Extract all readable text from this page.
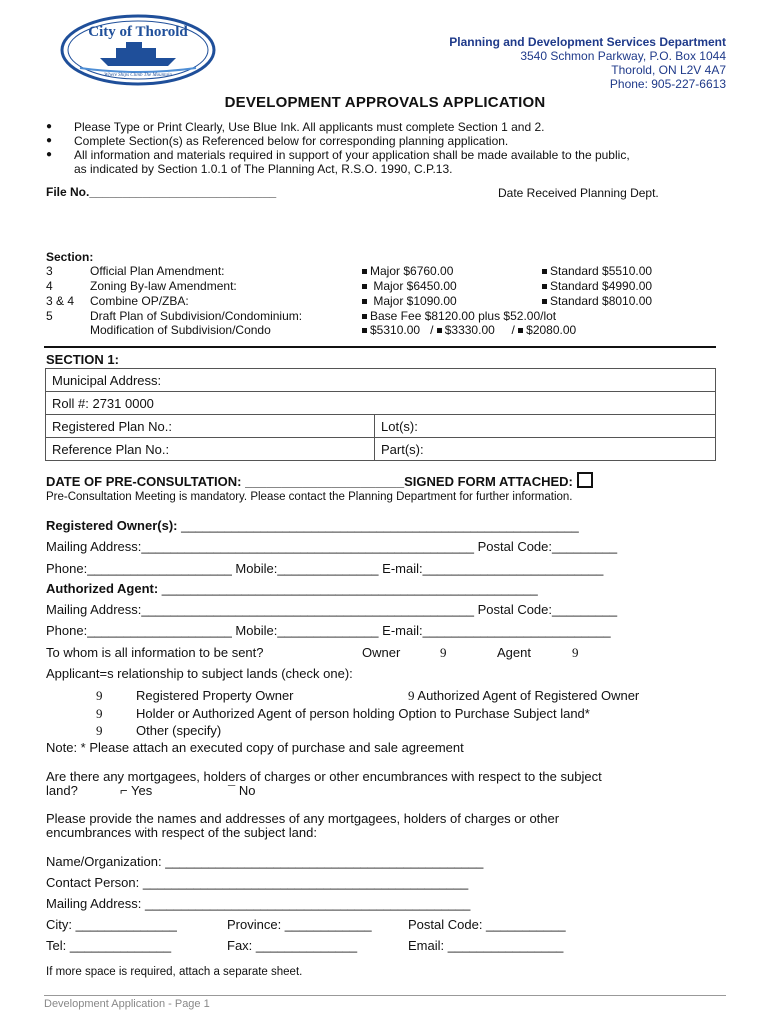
City of Thorold
Where Ships Climb The Mountain
Planning and Development Services Department
3540 Schmon Parkway, P.O. Box 1044
Thorold, ON L2V 4A7
Phone: 905-227-6613
DEVELOPMENT APPROVALS APPLICATION
● Please Type or Print Clearly, Use Blue Ink. All applicants must complete Section 1 and 2.
● Complete Section(s) as Referenced below for corresponding planning application.
● All information and materials required in support of your application shall be made available to the public,
as indicated by Section 1.0.1 of The Planning Act, R.S.O. 1990, C.P.13.
File No.____________________________	Date Received Planning Dept.
Section:
3	Official Plan Amendment:	Major $6760.00	Standard $5510.00
4	Zoning By-law Amendment:	Major $6450.00	Standard $4990.00
3 & 4 Combine OP/ZBA:	Major $1090.00	Standard $8010.00
5	Draft Plan of Subdivision/Condominium:	Base Fee $8120.00 plus $52.00/lot
Modification of Subdivision/Condo	$5310.00   / $3330.00     / $2080.00
SECTION 1:
Municipal Address:	
Roll #: 2731 0000	
Registered Plan No.:	Lot(s):
Reference Plan No.:	Part(s):
DATE OF PRE-CONSULTATION: ______________________SIGNED FORM ATTACHED:
Pre-Consultation Meeting is mandatory. Please contact the Planning Department for further information.
Registered Owner(s): _______________________________________________________
Mailing Address:______________________________________________ Postal Code:_________
Phone:____________________ Mobile:______________ E-mail:_________________________
Authorized Agent: ____________________________________________________
Mailing Address:______________________________________________ Postal Code:_________
Phone:____________________ Mobile:______________ E-mail:__________________________
To whom is all information to be sent?	Owner	9	Agent	9
Applicant=s relationship to subject lands (check one):
9	Registered Property Owner	9 Authorized Agent of Registered Owner
9	Holder or Authorized Agent of person holding Option to Purchase Subject land*
9	Other (specify)
Note: * Please attach an executed copy of purchase and sale agreement
Are there any mortgagees, holders of charges or other encumbrances with respect to the subject
land?	⌐ Yes	¯ No
Please provide the names and addresses of any mortgagees, holders of charges or other
encumbrances with respect of the subject land:
Name/Organization: ____________________________________________
Contact Person: _____________________________________________
Mailing Address: _____________________________________________
City: ______________	Province: ____________	Postal Code: ___________
Tel: ______________	Fax: ______________	Email: ________________
If more space is required, attach a separate sheet.
Development Application - Page 1
